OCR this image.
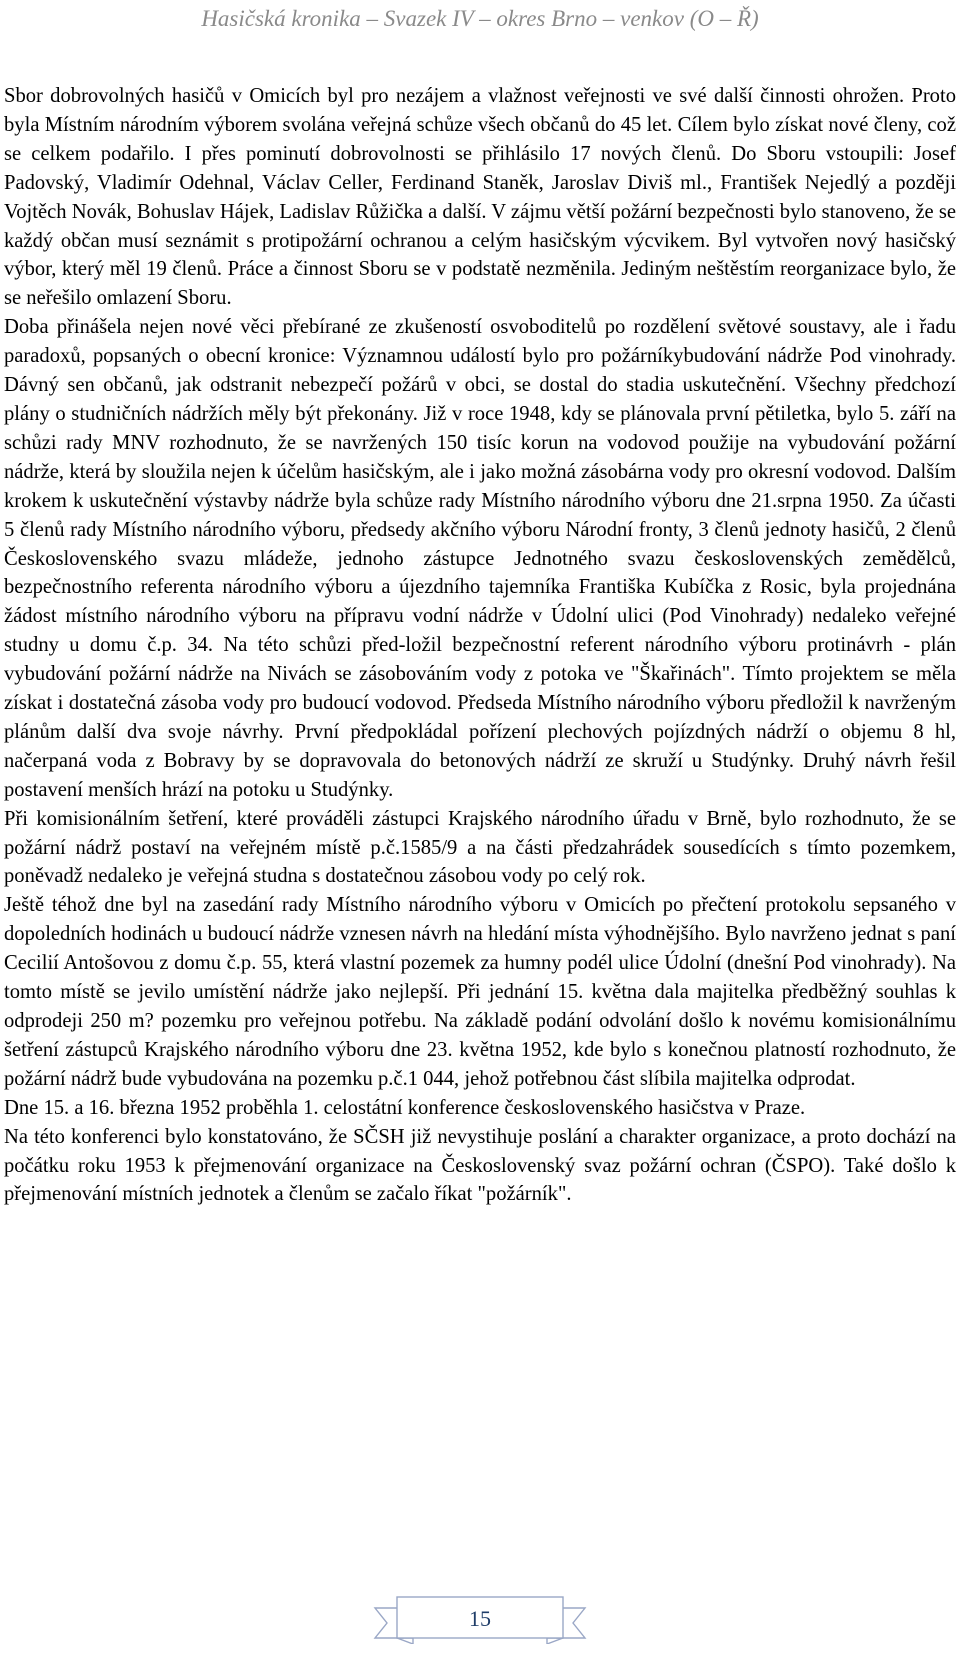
Hasičská kronika – Svazek IV – okres Brno – venkov (O – Ř)

Sbor dobrovolných hasičů v Omicích byl pro nezájem a vlažnost veřejnosti ve své další činnosti ohrožen. Proto byla Místním národním výborem svolána veřejná schůze všech občanů do 45 let. Cílem bylo získat nové členy, což se celkem podařilo. I přes pominutí dobrovolnosti se přihlásilo 17 nových členů. Do Sboru vstoupili: Josef Padovský, Vladimír Odehnal, Václav Celler, Ferdinand Staněk, Jaroslav Diviš ml., František Nejedlý a později Vojtěch Novák, Bohuslav Hájek, Ladislav Růžička a další. V zájmu větší požární bezpečnosti bylo stanoveno, že se každý občan musí seznámit s protipožární ochranou a celým hasičským výcvikem. Byl vytvořen nový hasičský výbor, který měl 19 členů. Práce a činnost Sboru se v podstatě nezměnila. Jediným neštěstím reorganizace bylo, že se neřešilo omlazení Sboru.

Doba přinášela nejen nové věci přebírané ze zkušeností osvoboditelů po rozdělení světové soustavy, ale i řadu paradoxů, popsaných o obecní kronice: Významnou událostí bylo pro požárníkybudování nádrže Pod vinohrady. Dávný sen občanů, jak odstranit nebezpečí požárů v obci, se dostal do stadia uskutečnění. Všechny předchozí plány o studničních nádržích měly být překonány. Již v roce 1948, kdy se plánovala první pětiletka, bylo 5. září na schůzi rady MNV rozhodnuto, že se navržených 150 tisíc korun na vodovod použije na vybudování požární nádrže, která by sloužila nejen k účelům hasičským, ale i jako možná zásobárna vody pro okresní vodovod. Dalším krokem k uskutečnění výstavby nádrže byla schůze rady Místního národního výboru dne 21.srpna 1950. Za účasti 5 členů rady Místního národního výboru, předsedy akčního výboru Národní fronty, 3 členů jednoty hasičů, 2 členů Československého svazu mládeže, jednoho zástupce Jednotného svazu československých zemědělců, bezpečnostního referenta národního výboru a újezdního tajemníka Františka Kubíčka z Rosic, byla projednána žádost místního národního výboru na přípravu vodní nádrže v Údolní ulici (Pod Vinohrady) nedaleko veřejné studny u domu č.p. 34. Na této schůzi před-ložil bezpečnostní referent národního výboru protinávrh - plán vybudování požární nádrže na Nivách se zásobováním vody z potoka ve "Škařinách". Tímto projektem se měla získat i dostatečná zásoba vody pro budoucí vodovod. Předseda Místního národního výboru předložil k navrženým plánům další dva svoje návrhy. První předpokládal pořízení plechových pojízdných nádrží o objemu 8 hl, načerpaná voda z Bobravy by se dopravovala do betonových nádrží ze skruží u Studýnky. Druhý návrh řešil postavení menších hrází na potoku u Studýnky.

Při komisionálním šetření, které prováděli zástupci Krajského národního úřadu v Brně, bylo rozhodnuto, že se požární nádrž postaví na veřejném místě p.č.1585/9 a na části předzahrádek sousedících s tímto pozemkem, poněvadž nedaleko je veřejná studna s dostatečnou zásobou vody po celý rok.

Ještě téhož dne byl na zasedání rady Místního národního výboru v Omicích po přečtení protokolu sepsaného v dopoledních hodinách u budoucí nádrže vznesen návrh na hledání místa výhodnějšího. Bylo navrženo jednat s paní Cecilií Antošovou z domu č.p. 55, která vlastní pozemek za humny podél ulice Údolní (dnešní Pod vinohrady). Na tomto místě se jevilo umístění nádrže jako nejlepší. Při jednání 15. května dala majitelka předběžný souhlas k odprodeji 250 m? pozemku pro veřejnou potřebu. Na základě podání odvolání došlo k novému komisionálnímu šetření zástupců Krajského národního výboru dne 23. května 1952, kde bylo s konečnou platností rozhodnuto, že požární nádrž bude vybudována na pozemku p.č.1 044, jehož potřebnou část slíbila majitelka odprodat.

Dne 15. a 16. března 1952 proběhla 1. celostátní konference československého hasičstva v Praze.

Na této konferenci bylo konstatováno, že SČSH již nevystihuje poslání a charakter organizace, a proto dochází na počátku roku 1953 k přejmenování organizace na Československý svaz požární ochran (ČSPO). Také došlo k přejmenování místních jednotek a členům se začalo říkat "požárník".

15
